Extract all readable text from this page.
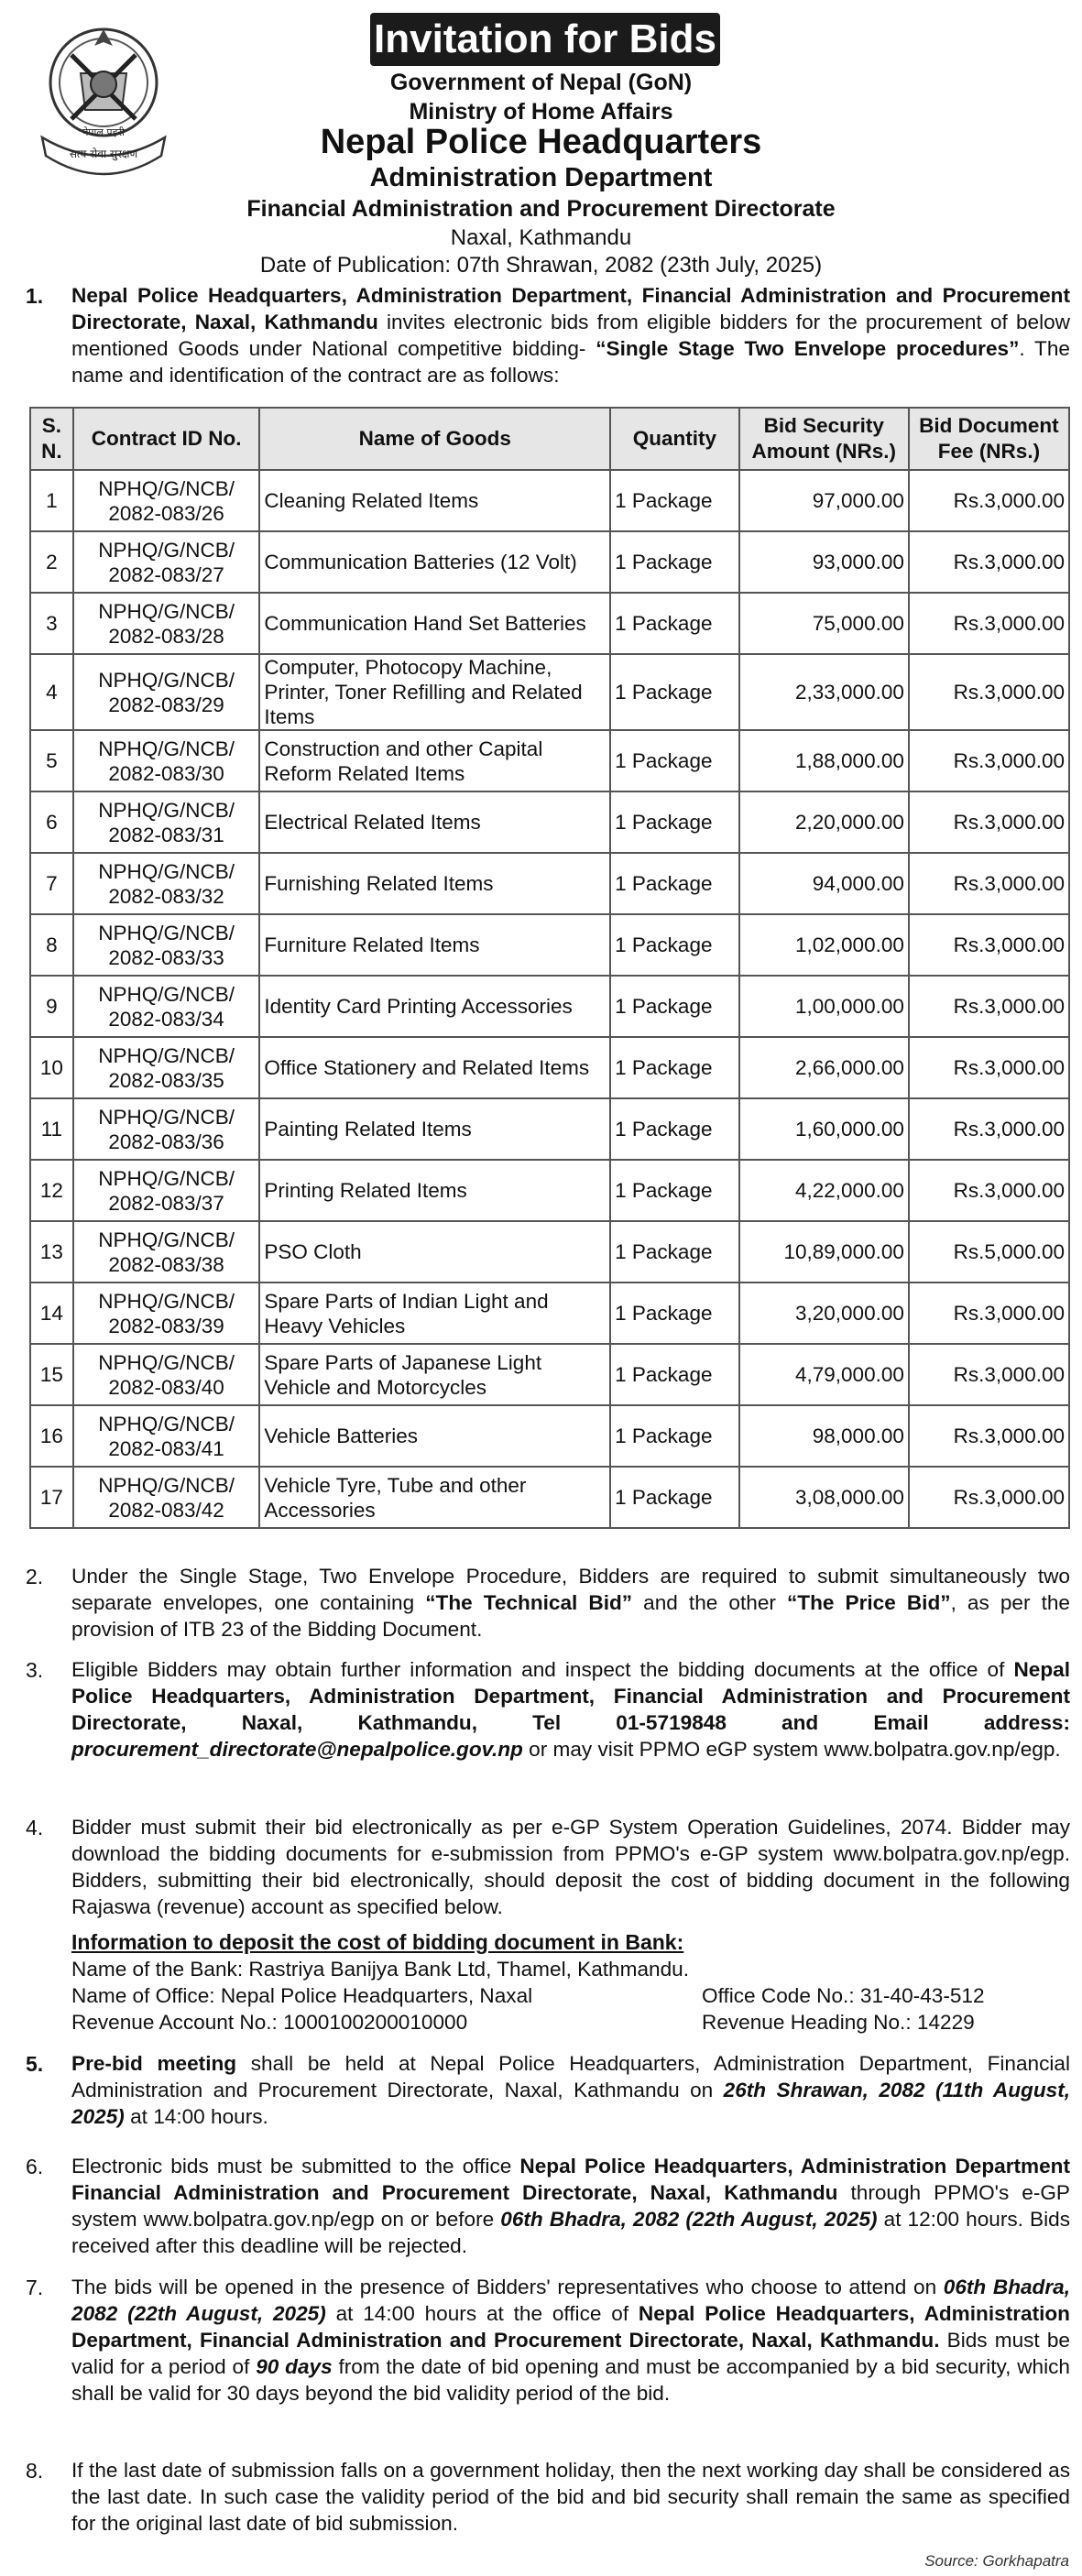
सत्य सेवा सुरक्षण
नेपाल प्रहरी
Invitation for Bids
Government of Nepal (GoN)
Ministry of Home Affairs
Nepal Police Headquarters
Administration Department
Financial Administration and Procurement Directorate
Naxal, Kathmandu
Date of Publication: 07th Shrawan, 2082 (23th July, 2025)
1. Nepal Police Headquarters, Administration Department, Financial Administration and Procurement Directorate, Naxal, Kathmandu invites electronic bids from eligible bidders for the procurement of below mentioned Goods under National competitive bidding- “Single Stage Two Envelope procedures”. The name and identification of the contract are as follows:
S. N.	Contract ID No.	Name of Goods	Quantity	Bid Security Amount (NRs.)	Bid Document Fee (NRs.)
1	NPHQ/G/NCB/ 2082-083/26	Cleaning Related Items	1 Package	97,000.00	Rs.3,000.00
2	NPHQ/G/NCB/ 2082-083/27	Communication Batteries (12 Volt)	1 Package	93,000.00	Rs.3,000.00
3	NPHQ/G/NCB/ 2082-083/28	Communication Hand Set Batteries	1 Package	75,000.00	Rs.3,000.00
4	NPHQ/G/NCB/ 2082-083/29	Computer, Photocopy Machine, Printer, Toner Refilling and Related Items	1 Package	2,33,000.00	Rs.3,000.00
5	NPHQ/G/NCB/ 2082-083/30	Construction and other Capital Reform Related Items	1 Package	1,88,000.00	Rs.3,000.00
6	NPHQ/G/NCB/ 2082-083/31	Electrical Related Items	1 Package	2,20,000.00	Rs.3,000.00
7	NPHQ/G/NCB/ 2082-083/32	Furnishing Related Items	1 Package	94,000.00	Rs.3,000.00
8	NPHQ/G/NCB/ 2082-083/33	Furniture Related Items	1 Package	1,02,000.00	Rs.3,000.00
9	NPHQ/G/NCB/ 2082-083/34	Identity Card Printing Accessories	1 Package	1,00,000.00	Rs.3,000.00
10	NPHQ/G/NCB/ 2082-083/35	Office Stationery and Related Items	1 Package	2,66,000.00	Rs.3,000.00
11	NPHQ/G/NCB/ 2082-083/36	Painting Related Items	1 Package	1,60,000.00	Rs.3,000.00
12	NPHQ/G/NCB/ 2082-083/37	Printing Related Items	1 Package	4,22,000.00	Rs.3,000.00
13	NPHQ/G/NCB/ 2082-083/38	PSO Cloth	1 Package	10,89,000.00	Rs.5,000.00
14	NPHQ/G/NCB/ 2082-083/39	Spare Parts of Indian Light and Heavy Vehicles	1 Package	3,20,000.00	Rs.3,000.00
15	NPHQ/G/NCB/ 2082-083/40	Spare Parts of Japanese Light Vehicle and Motorcycles	1 Package	4,79,000.00	Rs.3,000.00
16	NPHQ/G/NCB/ 2082-083/41	Vehicle Batteries	1 Package	98,000.00	Rs.3,000.00
17	NPHQ/G/NCB/ 2082-083/42	Vehicle Tyre, Tube and other Accessories	1 Package	3,08,000.00	Rs.3,000.00
2. Under the Single Stage, Two Envelope Procedure, Bidders are required to submit simultaneously two separate envelopes, one containing “The Technical Bid” and the other “The Price Bid”, as per the provision of ITB 23 of the Bidding Document.
3. Eligible Bidders may obtain further information and inspect the bidding documents at the office of Nepal Police Headquarters, Administration Department, Financial Administration and Procurement Directorate, Naxal, Kathmandu, Tel 01-5719848 and Email address: procurement_directorate@nepalpolice.gov.np or may visit PPMO eGP system www.bolpatra.gov.np/egp.
4. Bidder must submit their bid electronically as per e-GP System Operation Guidelines, 2074. Bidder may download the bidding documents for e-submission from PPMO's e-GP system www.bolpatra.gov.np/egp. Bidders, submitting their bid electronically, should deposit the cost of bidding document in the following Rajaswa (revenue) account as specified below.
Information to deposit the cost of bidding document in Bank:
Name of the Bank: Rastriya Banijya Bank Ltd, Thamel, Kathmandu.
Name of Office: Nepal Police Headquarters, Naxal	Office Code No.: 31-40-43-512
Revenue Account No.: 1000100200010000	Revenue Heading No.: 14229
5. Pre-bid meeting shall be held at Nepal Police Headquarters, Administration Department, Financial Administration and Procurement Directorate, Naxal, Kathmandu on 26th Shrawan, 2082 (11th August, 2025) at 14:00 hours.
6. Electronic bids must be submitted to the office Nepal Police Headquarters, Administration Department Financial Administration and Procurement Directorate, Naxal, Kathmandu through PPMO's e-GP system www.bolpatra.gov.np/egp on or before 06th Bhadra, 2082 (22th August, 2025) at 12:00 hours. Bids received after this deadline will be rejected.
7. The bids will be opened in the presence of Bidders' representatives who choose to attend on 06th Bhadra, 2082 (22th August, 2025) at 14:00 hours at the office of Nepal Police Headquarters, Administration Department, Financial Administration and Procurement Directorate, Naxal, Kathmandu. Bids must be valid for a period of 90 days from the date of bid opening and must be accompanied by a bid security, which shall be valid for 30 days beyond the bid validity period of the bid.
8. If the last date of submission falls on a government holiday, then the next working day shall be considered as the last date. In such case the validity period of the bid and bid security shall remain the same as specified for the original last date of bid submission.
Source: Gorkhapatra
